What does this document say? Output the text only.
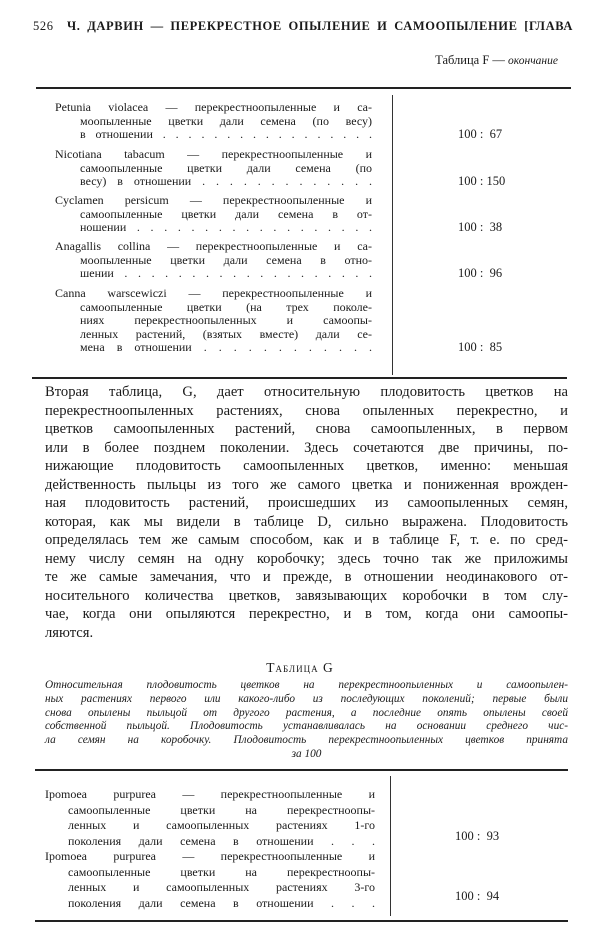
526 Ч. ДАРВИН — ПЕРЕКРЕСТНОЕ ОПЫЛЕНИЕ И САМООПЫЛЕНИЕ [ГЛАВА
Таблица F — окончание
Вторая таблица, G, дает относительную плодовитость цветков на
перекрестноопыленных растениях, снова опыленных перекрестно, и
цветков самоопыленных растений, снова самоопыленных, в первом
или в более позднем поколении. Здесь сочетаются две причины, по-
нижающие плодовитость самоопыленных цветков, именно: меньшая
действенность пыльцы из того же самого цветка и пониженная врожден-
ная плодовитость растений, происшедших из самоопыленных семян,
которая, как мы видели в таблице D, сильно выражена. Плодовитость
определялась тем же самым способом, как и в таблице F, т. е. по сред-
нему числу семян на одну коробочку; здесь точно так же приложимы
те же самые замечания, что и прежде, в отношении неодинакового от-
носительного количества цветков, завязывающих коробочки в том слу-
чае, когда они опыляются перекрестно, и в том, когда они самоопы-
ляются.
Таблица G
Относительная плодовитость цветков на перекрестноопыленных и самоопылен-
ных растениях первого или какого-либо из последующих поколений; первые были
снова опылены пыльцой от другого растения, а последние опять опылены своей
собственной пыльцой. Плодовитость устанавливалась на основании среднего чис-
ла семян на коробочку. Плодовитость перекрестноопыленных цветков принята
за 100
Petunia violacea — перекрестноопыленные и са-
моопыленные цветки дали семена (по весу)
в отношении . . . . . . . . . . . . . . . . .	100 :  67
Nicotiana tabacum — перекрестноопыленные и
самоопыленные цветки дали семена (по
весу) в отношении . . . . . . . . . . . . .	100 : 150
Cyclamen persicum — перекрестноопыленные и
самоопыленные цветки дали семена в от-
ношении . . . . . . . . . . . . . . . . . .	100 :  38
Anagallis collina — перекрестноопыленные и са-
моопыленные цветки дали семена в отно-
шении . . . . . . . . . . . . . . . . . . .	100 :  96
Canna warscewiczi — перекрестноопыленные и
самоопыленные цветки (на трех поколе-
ниях перекрестноопыленных и самоопы-
ленных растений, (взятых вместе) дали се-
мена в отношении . . . . . . . . . . . .	100 :  85
Ipomoea purpurea — перекрестноопыленные и
самоопыленные цветки на перекрестноопы-
ленных и самоопыленных растениях 1-го
поколения дали семена в отношении . . .	100 :  93
Ipomoea purpurea — перекрестноопыленные и
самоопыленные цветки на перекрестноопы-
ленных и самоопыленных растениях 3-го
поколения дали семена в отношении . . .	100 :  94
